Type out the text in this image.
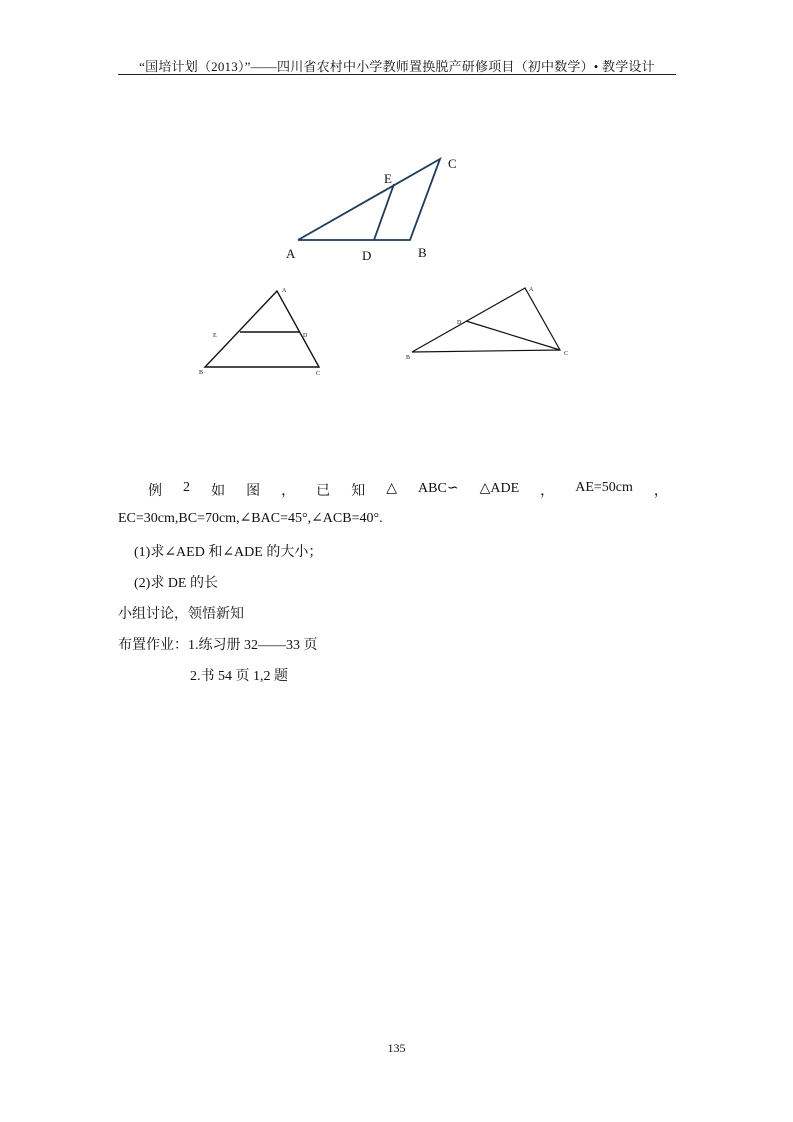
“国培计划（2013）”——四川省农村中小学教师置换脱产研修项目（初中数学）• 教学设计
A	D	B
C
E
A
E	D
B	C
A
D
B
C
例 2 如 图 ， 已 知 △ ABC∽ △ADE ， AE=50cm ，
EC=30cm,BC=70cm,∠BAC=45°,∠ACB=40°.
(1)求∠AED 和∠ADE 的大小；
(2)求 DE 的长
小组讨论，领悟新知
布置作业：1.练习册 32——33 页
2.书 54 页 1,2 题
135
